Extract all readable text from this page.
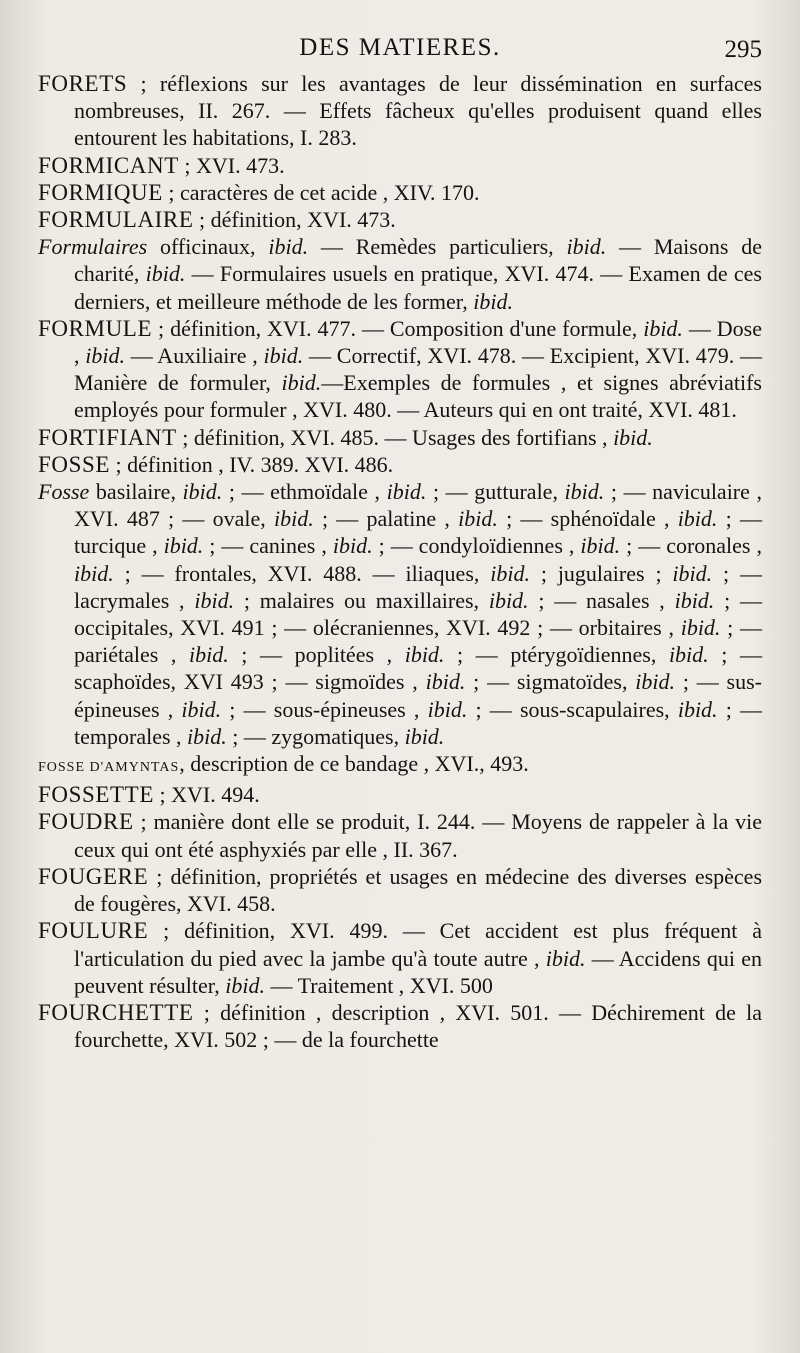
DES MATIERES.	295

FORETS ; réflexions sur les avantages de leur dissémination en surfaces nombreuses, II. 267. — Effets fâcheux qu'elles produisent quand elles entourent les habitations, I. 283.

FORMICANT ; XVI. 473.

FORMIQUE ; caractères de cet acide , XIV. 170.

FORMULAIRE ; définition, XVI. 473.

Formulaires officinaux, ibid. — Remèdes particuliers, ibid. — Maisons de charité, ibid. — Formulaires usuels en pratique, XVI. 474. — Examen de ces derniers, et meilleure méthode de les former, ibid.

FORMULE ; définition, XVI. 477. — Composition d'une formule, ibid. — Dose , ibid. — Auxiliaire , ibid. — Correctif, XVI. 478. — Excipient, XVI. 479. — Manière de formuler, ibid.—Exemples de formules , et signes abréviatifs employés pour formuler , XVI. 480. — Auteurs qui en ont traité, XVI. 481.

FORTIFIANT ; définition, XVI. 485. — Usages des fortifians , ibid.

FOSSE ; définition , IV. 389. XVI. 486.

Fosse basilaire, ibid. ; — ethmoïdale , ibid. ; — gutturale, ibid. ; — naviculaire , XVI. 487 ; — ovale, ibid. ; — palatine , ibid. ; — sphénoïdale , ibid. ; — turcique , ibid. ; — canines , ibid. ; — condyloïdiennes , ibid. ; — coronales , ibid. ; — frontales, XVI. 488. — iliaques, ibid. ; jugulaires ; ibid. ; — lacrymales , ibid. ; malaires ou maxillaires, ibid. ; — nasales , ibid. ; — occipitales, XVI. 491 ; — olécraniennes, XVI. 492 ; — orbitaires , ibid. ; — pariétales , ibid. ; — poplitées , ibid. ; — ptérygoïdiennes, ibid. ; — scaphoïdes, XVI 493 ; — sigmoïdes , ibid. ; — sigmatoïdes, ibid. ; — sus-épineuses , ibid. ; — sous-épineuses , ibid. ; — sous-scapulaires, ibid. ; — temporales , ibid. ; — zygomatiques, ibid.

FOSSE D'AMYNTAS, description de ce bandage , XVI., 493.

FOSSETTE ; XVI. 494.

FOUDRE ; manière dont elle se produit, I. 244. — Moyens de rappeler à la vie ceux qui ont été asphyxiés par elle , II. 367.

FOUGERE ; définition, propriétés et usages en médecine des diverses espèces de fougères, XVI. 458.

FOULURE ; définition, XVI. 499. — Cet accident est plus fréquent à l'articulation du pied avec la jambe qu'à toute autre , ibid. — Accidens qui en peuvent résulter, ibid. — Traitement , XVI. 500

FOURCHETTE ; définition , description , XVI. 501. — Déchirement de la fourchette, XVI. 502 ; — de la fourchette
